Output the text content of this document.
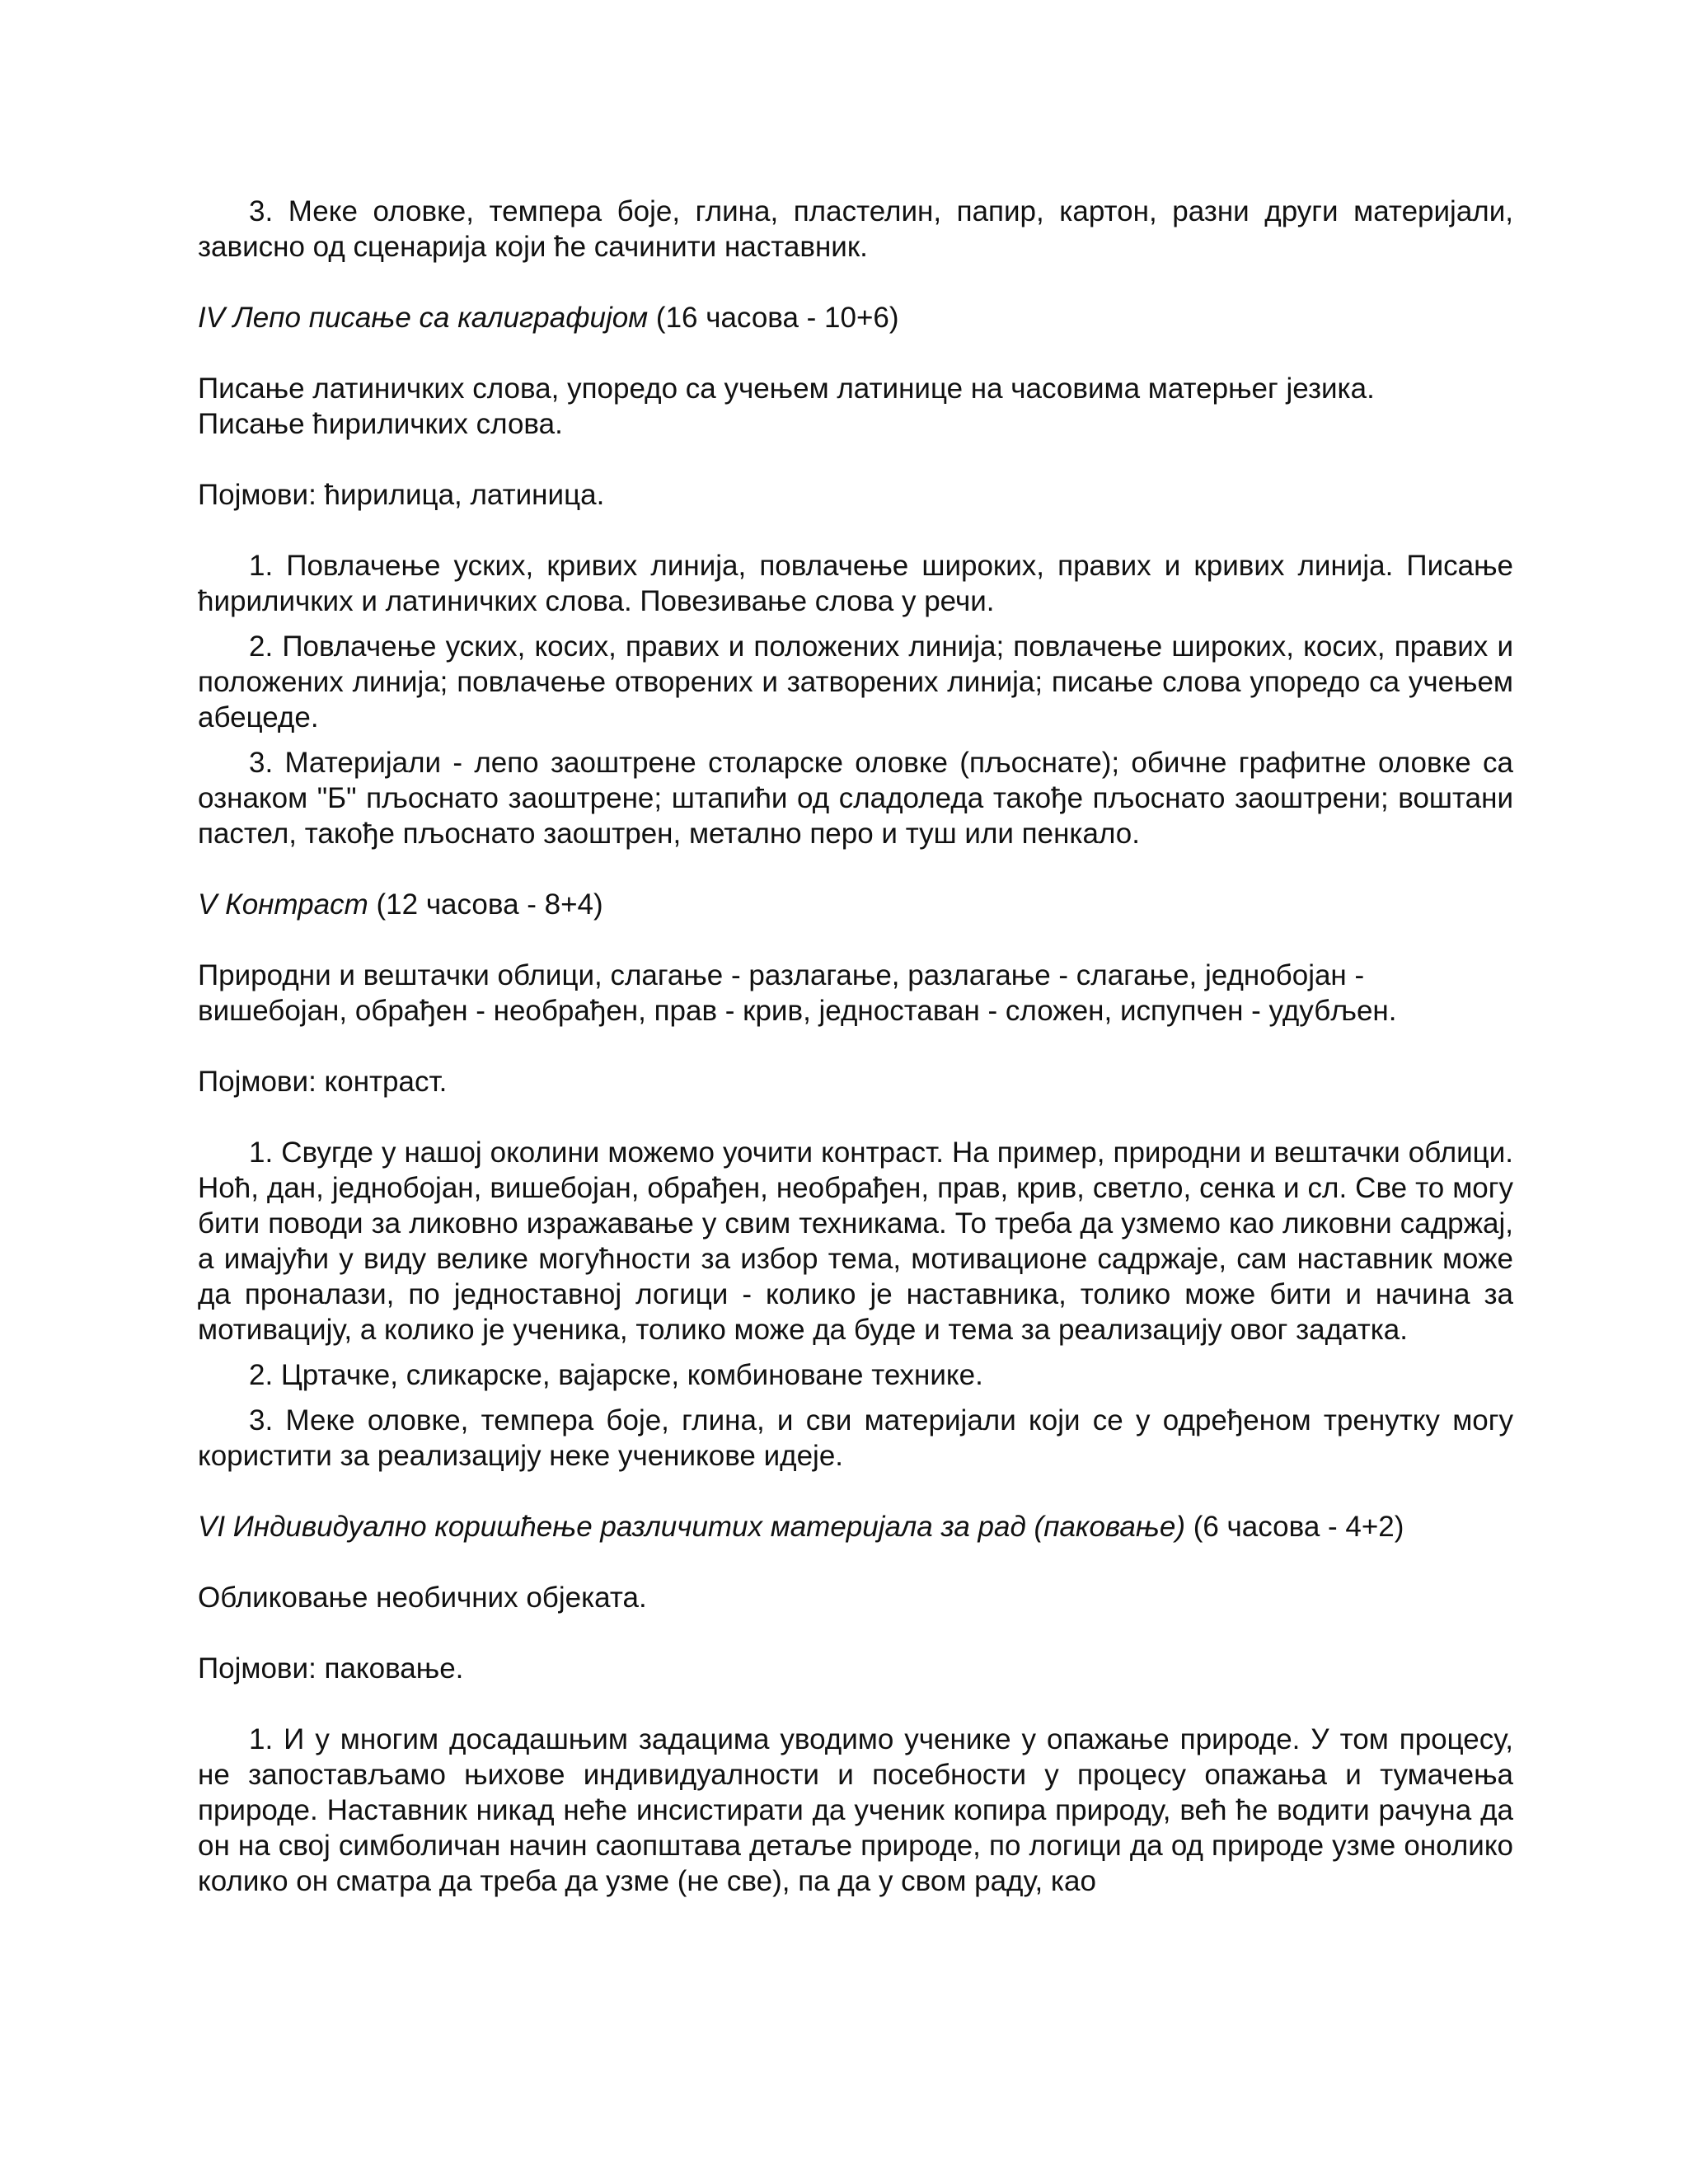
3. Меке оловке, темпера боје, глина, пластелин, папир, картон, разни други материјали, зависно од сценарија који ће сачинити наставник.

IV Лепо писање са калиграфијом (16 часова - 10+6)

Писање латиничких слова, упоредо са учењем латинице на часовима матерњег језика.
Писање ћириличких слова.

Појмови: ћирилица, латиница.

1. Повлачење уских, кривих линија, повлачење широких, правих и кривих линија. Писање ћириличких и латиничких слова. Повезивање слова у речи.

2. Повлачење уских, косих, правих и положених линија; повлачење широких, косих, правих и положених линија; повлачење отворених и затворених линија; писање слова упоредо са учењем абецеде.

3. Материјали - лепо заоштрене столарске оловке (пљоснате); обичне графитне оловке са ознаком "Б" пљоснато заоштрене; штапићи од сладоледа такође пљоснато заоштрени; воштани пастел, такође пљоснато заоштрен, метално перо и туш или пенкало.

V Контраст (12 часова - 8+4)

Природни и вештачки облици, слагање - разлагање, разлагање - слагање, једнобојан -
вишебојан, обрађен - необрађен, прав - крив, једноставан - сложен, испупчен - удубљен.

Појмови: контраст.

1. Свугде у нашој околини можемо уочити контраст. На пример, природни и вештачки облици. Ноћ, дан, једнобојан, вишебојан, обрађен, необрађен, прав, крив, светло, сенка и сл. Све то могу бити поводи за ликовно изражавање у свим техникама. То треба да узмемо као ликовни садржај, а имајући у виду велике могућности за избор тема, мотивационе садржаје, сам наставник може да проналази, по једноставној логици - колико је наставника, толико може бити и начина за мотивацију, а колико је ученика, толико може да буде и тема за реализацију овог задатка.

2. Цртачке, сликарске, вајарске, комбиноване технике.

3. Меке оловке, темпера боје, глина, и сви материјали који се у одређеном тренутку могу користити за реализацију неке ученикове идеје.

VI Индивидуално коришћење различитих материјала за рад (паковање) (6 часова - 4+2)

Обликовање необичних објеката.

Појмови: паковање.

1. И у многим досадашњим задацима уводимо ученике у опажање природе. У том процесу, не запостављамо њихове индивидуалности и посебности у процесу опажања и тумачења природе. Наставник никад неће инсистирати да ученик копира природу, већ ће водити рачуна да он на свој симболичан начин саопштава детаље природе, по логици да од природе узме онолико колико он сматра да треба да узме (не све), па да у свом раду, као
